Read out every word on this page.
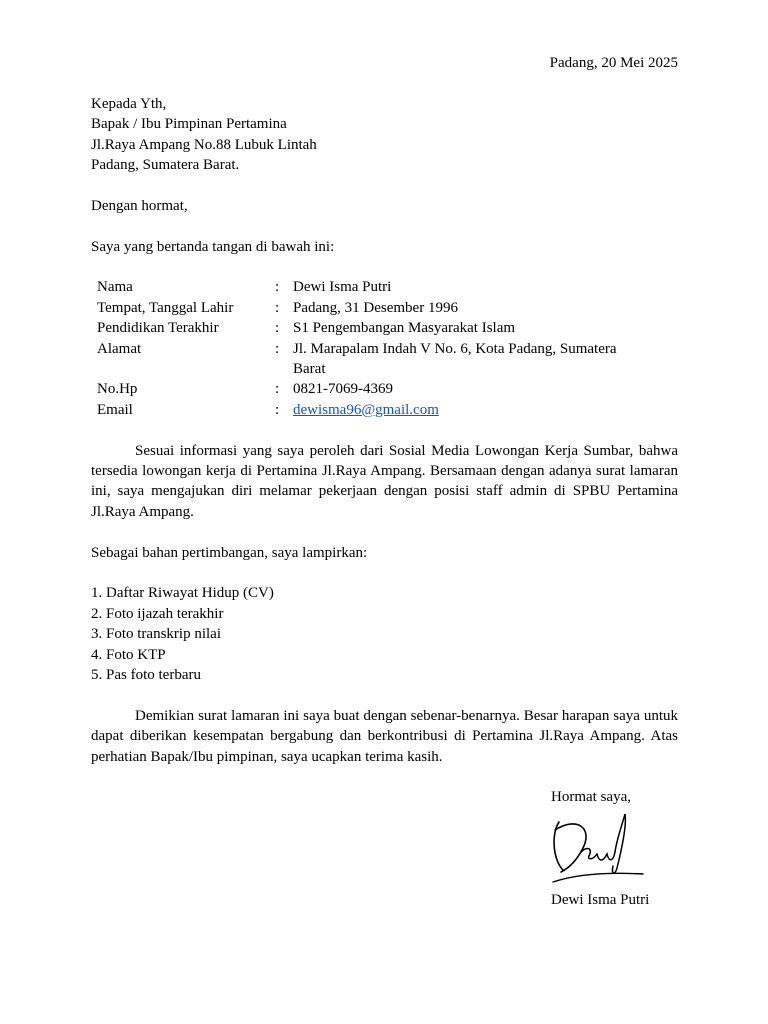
Padang, 20 Mei 2025
Kepada Yth,
Bapak / Ibu Pimpinan Pertamina
Jl.Raya Ampang No.88 Lubuk Lintah
Padang, Sumatera Barat.

Dengan hormat,

Saya yang bertanda tangan di bawah ini:

Nama	:	Dewi Isma Putri
Tempat, Tanggal Lahir	:	Padang, 31 Desember 1996
Pendidikan Terakhir	:	S1 Pengembangan Masyarakat Islam
Alamat	:	Jl. Marapalam Indah V No. 6, Kota Padang, Sumatera Barat
No.Hp	:	0821-7069-4369
Email	:	dewisma96@gmail.com

Sesuai informasi yang saya peroleh dari Sosial Media Lowongan Kerja Sumbar, bahwa tersedia lowongan kerja di Pertamina Jl.Raya Ampang. Bersamaan dengan adanya surat lamaran ini, saya mengajukan diri melamar pekerjaan dengan posisi staff admin di SPBU Pertamina Jl.Raya Ampang.

Sebagai bahan pertimbangan, saya lampirkan:

1. Daftar Riwayat Hidup (CV)
2. Foto ijazah terakhir
3. Foto transkrip nilai
4. Foto KTP
5. Pas foto terbaru

Demikian surat lamaran ini saya buat dengan sebenar-benarnya. Besar harapan saya untuk dapat diberikan kesempatan bergabung dan berkontribusi di Pertamina Jl.Raya Ampang. Atas perhatian Bapak/Ibu pimpinan, saya ucapkan terima kasih.

Hormat saya,
Dewi Isma Putri
